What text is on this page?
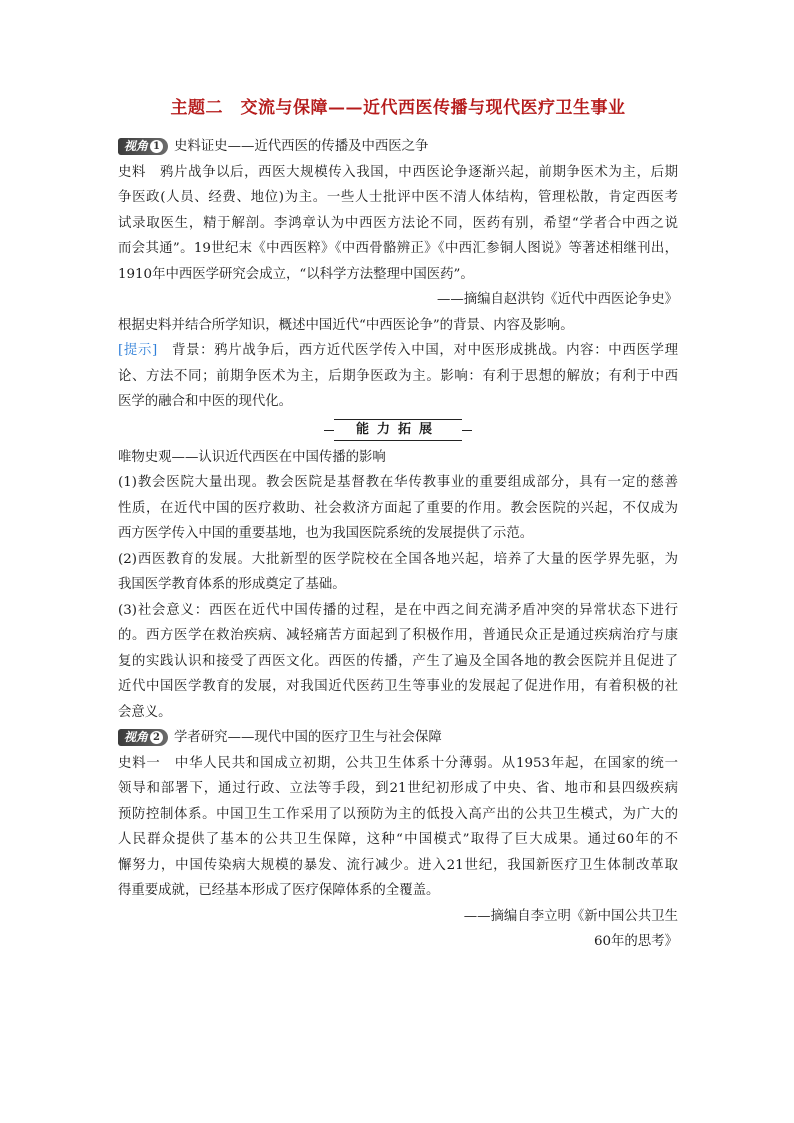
主题二　交流与保障——近代西医传播与现代医疗卫生事业
视角 1 史料证史——近代西医的传播及中西医之争
史料　鸦片战争以后，西医大规模传入我国，中西医论争逐渐兴起，前期争医术为主，后期
争医政(人员、经费、地位)为主。一些人士批评中医不清人体结构，管理松散，肯定西医考
试录取医生，精于解剖。李鸿章认为中西医方法论不同，医药有别，希望“学者合中西之说
而会其通”。19世纪末《中西医粹》《中西骨骼辨正》《中西汇参铜人图说》等著述相继刊出，
1910年中西医学研究会成立，“以科学方法整理中国医药”。
——摘编自赵洪钧《近代中西医论争史》
根据史料并结合所学知识，概述中国近代“中西医论争”的背景、内容及影响。
[提示]　背景：鸦片战争后，西方近代医学传入中国，对中医形成挑战。内容：中西医学理
论、方法不同；前期争医术为主，后期争医政为主。影响：有利于思想的解放；有利于中西
医学的融合和中医的现代化。
能力拓展
唯物史观——认识近代西医在中国传播的影响
(1)教会医院大量出现。教会医院是基督教在华传教事业的重要组成部分，具有一定的慈善
性质，在近代中国的医疗救助、社会救济方面起了重要的作用。教会医院的兴起，不仅成为
西方医学传入中国的重要基地，也为我国医院系统的发展提供了示范。
(2)西医教育的发展。大批新型的医学院校在全国各地兴起，培养了大量的医学界先驱，为
我国医学教育体系的形成奠定了基础。
(3)社会意义：西医在近代中国传播的过程，是在中西之间充满矛盾冲突的异常状态下进行
的。西方医学在救治疾病、减轻痛苦方面起到了积极作用，普通民众正是通过疾病治疗与康
复的实践认识和接受了西医文化。西医的传播，产生了遍及全国各地的教会医院并且促进了
近代中国医学教育的发展，对我国近代医药卫生等事业的发展起了促进作用，有着积极的社
会意义。
视角 2 学者研究——现代中国的医疗卫生与社会保障
史料一　中华人民共和国成立初期，公共卫生体系十分薄弱。从1953年起，在国家的统一
领导和部署下，通过行政、立法等手段，到21世纪初形成了中央、省、地市和县四级疾病
预防控制体系。中国卫生工作采用了以预防为主的低投入高产出的公共卫生模式，为广大的
人民群众提供了基本的公共卫生保障，这种“中国模式”取得了巨大成果。通过60年的不
懈努力，中国传染病大规模的暴发、流行减少。进入21世纪，我国新医疗卫生体制改革取
得重要成就，已经基本形成了医疗保障体系的全覆盖。
——摘编自李立明《新中国公共卫生
60年的思考》
